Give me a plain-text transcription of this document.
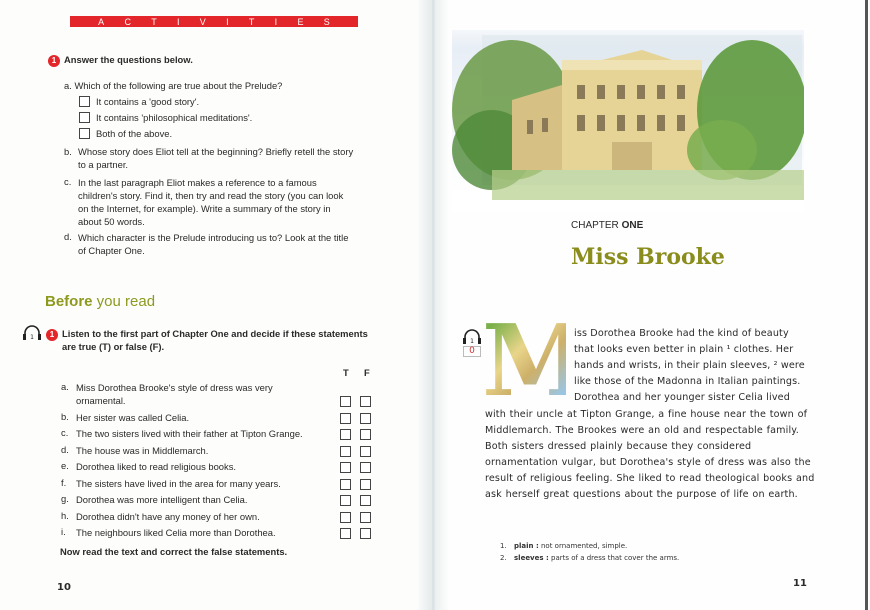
A C T I V I T I E S
1 Answer the questions below.
a. Which of the following are true about the Prelude?
It contains a 'good story'.
It contains 'philosophical meditations'.
Both of the above.
b. Whose story does Eliot tell at the beginning? Briefly retell the story
to a partner.
c. In the last paragraph Eliot makes a reference to a famous
children's story. Find it, then try and read the story (you can look
on the Internet, for example). Write a summary of the story in
about 50 words.
d. Which character is the Prelude introducing us to? Look at the title
of Chapter One.
Before you read
1	1 Listen to the first part of Chapter One and decide if these statements
are true (T) or false (F).
T F
a. Miss Dorothea Brooke's style of dress was very
ornamental.
b. Her sister was called Celia.
c. The two sisters lived with their father at Tipton Grange.
d. The house was in Middlemarch.
e. Dorothea liked to read religious books.
f. The sisters have lived in the area for many years.
g. Dorothea was more intelligent than Celia.
h. Dorothea didn't have any money of her own.
i. The neighbours liked Celia more than Dorothea.
Now read the text and correct the false statements.
10
CHAPTER ONE
Miss Brooke
1
0 M
iss Dorothea Brooke had the kind of beauty
that looks even better in plain ¹ clothes. Her
hands and wrists, in their plain sleeves, ² were
like those of the Madonna in Italian paintings.
Dorothea and her younger sister Celia lived
with their uncle at Tipton Grange, a fine house near the town of
Middlemarch. The Brookes were an old and respectable family.
Both sisters dressed plainly because they considered
ornamentation vulgar, but Dorothea's style of dress was also the
result of religious feeling. She liked to read theological books and
ask herself great questions about the purpose of life on earth.
1. plain : not ornamented, simple.
2. sleeves : parts of a dress that cover the arms.
11
